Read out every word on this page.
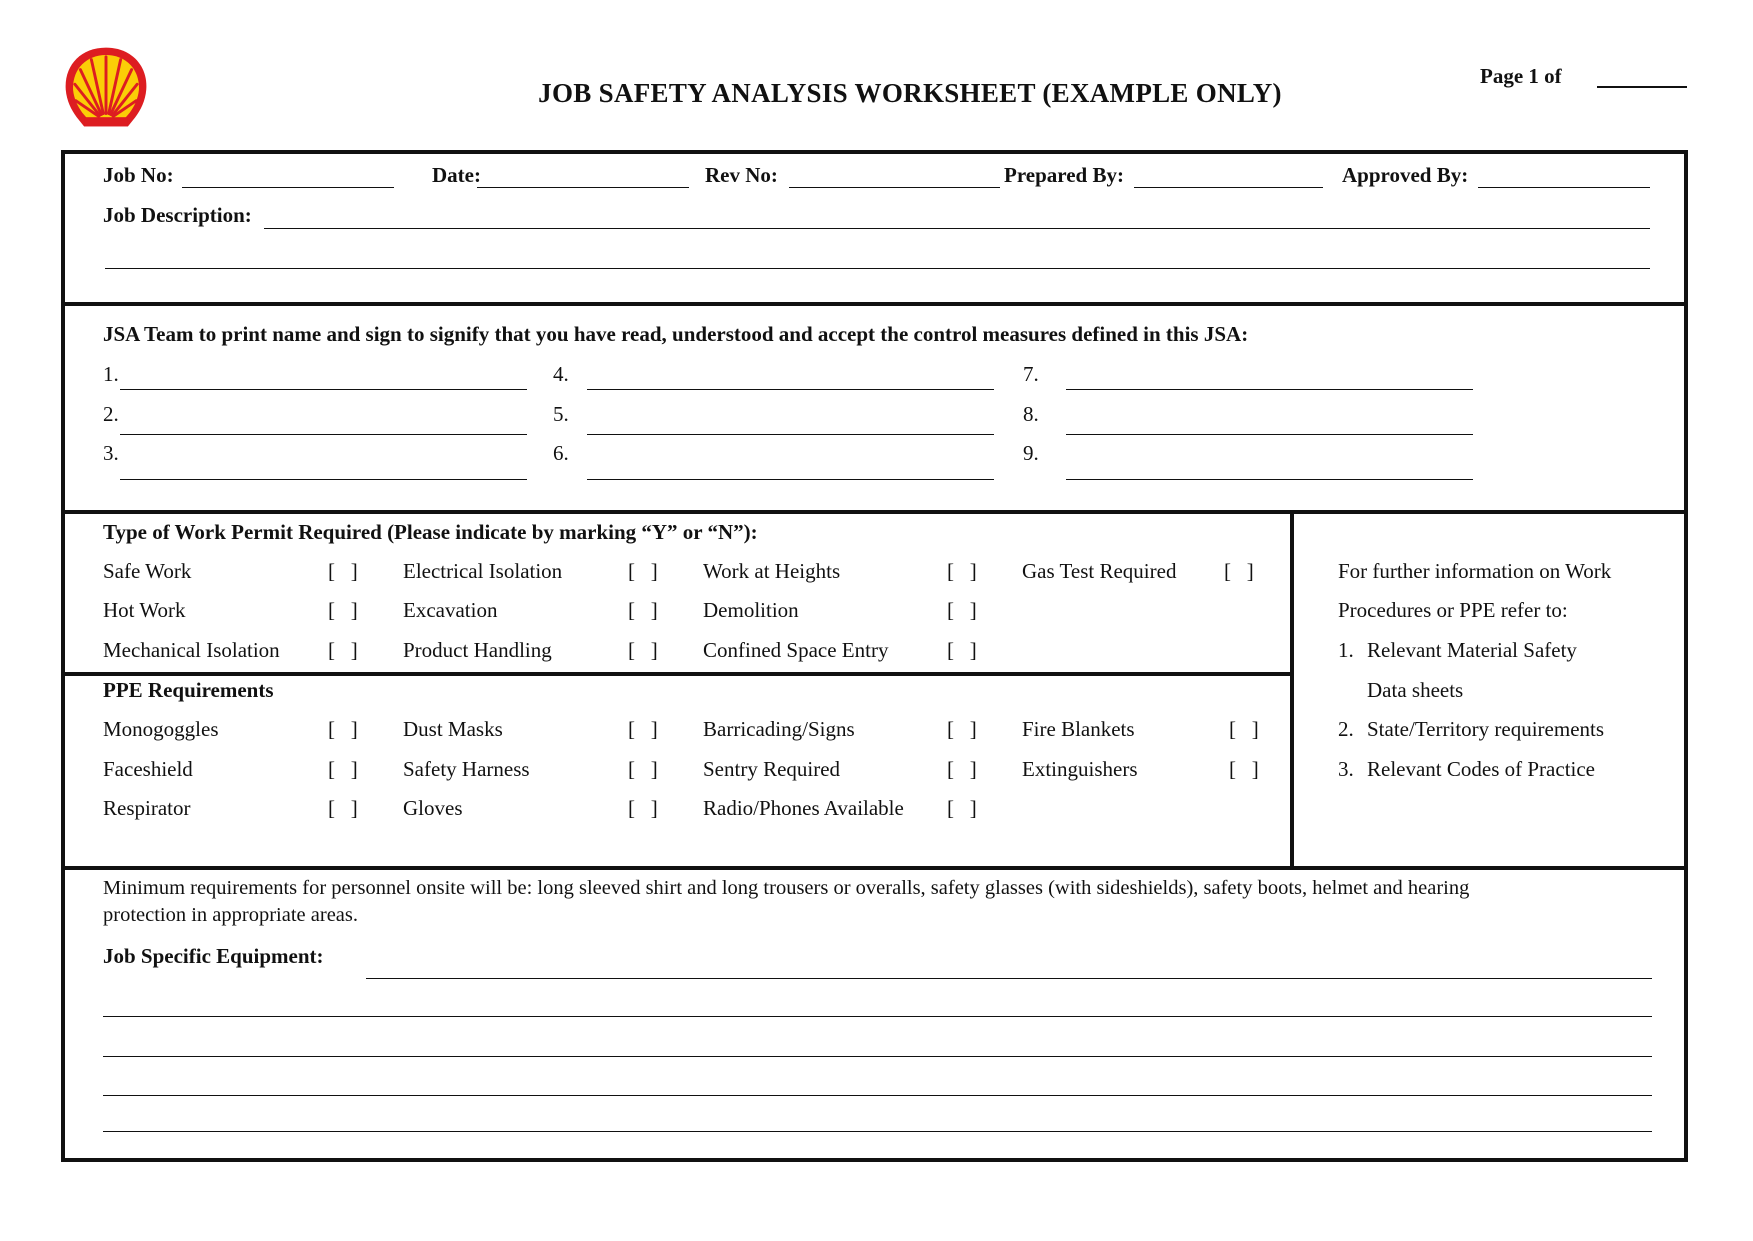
JOB SAFETY ANALYSIS WORKSHEET (EXAMPLE ONLY)
Page 1 of
Job No:	Date:	Rev No:	Prepared By:	Approved By:
Job Description:
JSA Team to print name and sign to signify that you have read, understood and accept the control measures defined in this JSA:
1.
2.
3.
4.
5.
6.
7.
8.
9.
Type of Work Permit Required (Please indicate by marking “Y” or “N”):
Safe Work	[   ] Electrical Isolation	[   ] Work at Heights	[   ] Gas Test Required [   ]
Hot Work	[   ] Excavation	[   ] Demolition	[   ]
Mechanical Isolation [   ] Product Handling	[   ] Confined Space Entry	[   ]
PPE Requirements
Monogoggles	[   ] Dust Masks	[   ] Barricading/Signs	[   ] Fire Blankets	[   ]
Faceshield	[   ] Safety Harness	[   ] Sentry Required	[   ] Extinguishers	[   ]
Respirator	[   ] Gloves	[   ] Radio/Phones Available [   ]
For further information on Work
Procedures or PPE refer to:
1. Relevant Material Safety
Data sheets
2. State/Territory requirements
3. Relevant Codes of Practice
Minimum requirements for personnel onsite will be: long sleeved shirt and long trousers or overalls, safety glasses (with sideshields), safety boots, helmet and hearing
protection in appropriate areas.
Job Specific Equipment:
